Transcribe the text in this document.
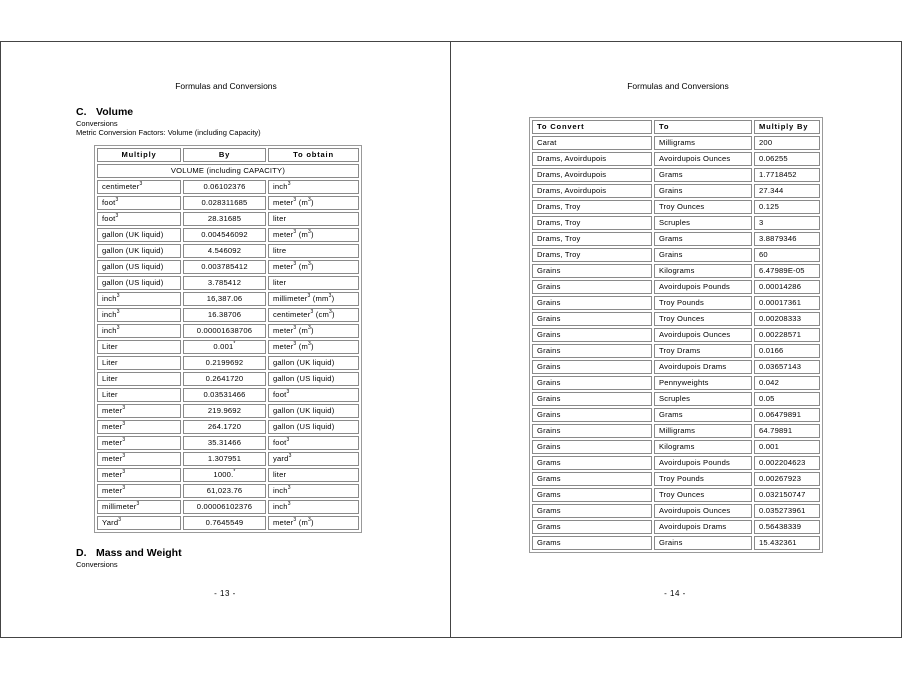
Formulas and Conversions
C. Volume
Conversions
Metric Conversion Factors: Volume (including Capacity)
Multiply	By	To obtain
VOLUME (including CAPACITY)		
centimeter$^3$	0.06102376	inch$^3$
foot$^3$	0.028311685	meter$^3$ $(m^3)$
foot$^3$	28.31685	liter
gallon (UK liquid)	0.004546092	meter$^3$ $(m^3)$
gallon (UK liquid)	4.546092	litre
gallon (US liquid)	0.003785412	meter$^3$ $(m^3)$
gallon (US liquid)	3.785412	liter
inch$^3$	16,387.06	millimeter$^3$ $(mm^3)$
inch$^3$	16.38706	centimeter$^3$ $(cm^3)$
inch$^3$	0.00001638706	meter$^3$ $(m^3)$
Liter	0.001*	meter$^3$ $(m^3)$
Liter	0.2199692	gallon (UK liquid)
Liter	0.2641720	gallon (US liquid)
Liter	0.03531466	foot$^3$
meter$^3$	219.9692	gallon (UK liquid)
meter$^3$	264.1720	gallon (US liquid)
meter$^3$	35.31466	foot$^3$
meter$^3$	1.307951	yard$^3$
meter$^3$	1000.*	liter
meter$^3$	61,023.76	inch$^3$
millimeter$^3$	0.00006102376	inch$^3$
Yard$^3$	0.7645549	meter$^3$ $(m^3)$
D. Mass and Weight
Conversions
- 13 -
Formulas and Conversions
To Convert	To	Multiply By
Carat	Milligrams	200
Drams, Avoirdupois	Avoirdupois Ounces	0.06255
Drams, Avoirdupois	Grams	1.7718452
Drams, Avoirdupois	Grains	27.344
Drams, Troy	Troy Ounces	0.125
Drams, Troy	Scruples	3
Drams, Troy	Grams	3.8879346
Drams, Troy	Grains	60
Grains	Kilograms	6.47989E-05
Grains	Avoirdupois Pounds	0.00014286
Grains	Troy Pounds	0.00017361
Grains	Troy Ounces	0.00208333
Grains	Avoirdupois Ounces	0.00228571
Grains	Troy Drams	0.0166
Grains	Avoirdupois Drams	0.03657143
Grains	Pennyweights	0.042
Grains	Scruples	0.05
Grains	Grams	0.06479891
Grains	Milligrams	64.79891
Grains	Kilograms	0.001
Grams	Avoirdupois Pounds	0.002204623
Grams	Troy Pounds	0.00267923
Grams	Troy Ounces	0.032150747
Grams	Avoirdupois Ounces	0.035273961
Grams	Avoirdupois Drams	0.56438339
Grams	Grains	15.432361
- 14 -
